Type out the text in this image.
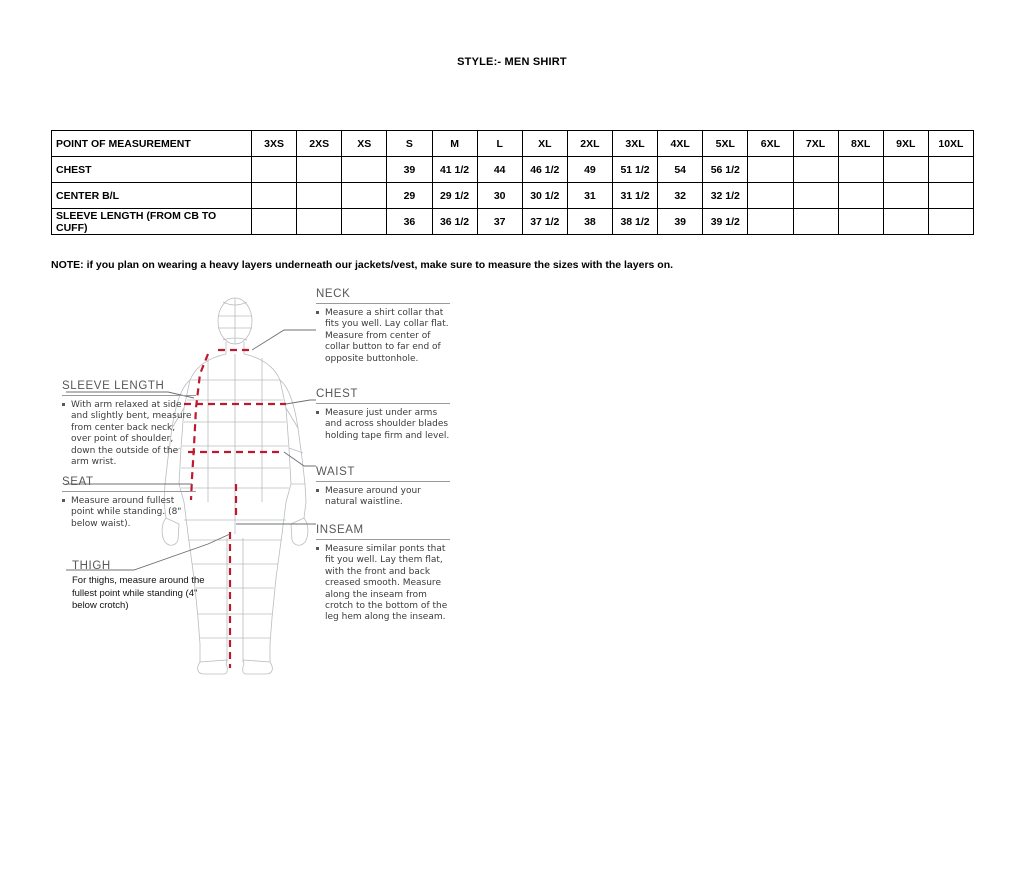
STYLE:- MEN SHIRT
POINT OF MEASUREMENT	3XS	2XS	XS	S	M	L	XL	2XL	3XL	4XL	5XL	6XL	7XL	8XL	9XL	10XL
CHEST				39	41 1/2	44	46 1/2	49	51 1/2	54	56 1/2					
CENTER B/L				29	29 1/2	30	30 1/2	31	31 1/2	32	32 1/2					
SLEEVE LENGTH (FROM CB TO CUFF)				36	36 1/2	37	37 1/2	38	38 1/2	39	39 1/2					
NOTE: if you plan on wearing a heavy layers underneath our jackets/vest, make sure to measure the sizes with the layers on.
NECK
Measure a shirt collar that fits you well. Lay collar flat. Measure from center of collar button to far end of opposite buttonhole.
CHEST
Measure just under arms and across shoulder blades holding tape firm and level.
WAIST
Measure around your natural waistline.
INSEAM
Measure similar ponts that fit you well. Lay them flat, with the front and back creased smooth. Measure along the inseam from crotch to the bottom of the leg hem along the inseam.
SLEEVE LENGTH
With arm relaxed at side and slightly bent, measure from center back neck, over point of shoulder, down the outside of the arm wrist.
SEAT
Measure around fullest point while standing. (8" below waist).
THIGH
For thighs, measure around the fullest point while standing (4" below crotch)
